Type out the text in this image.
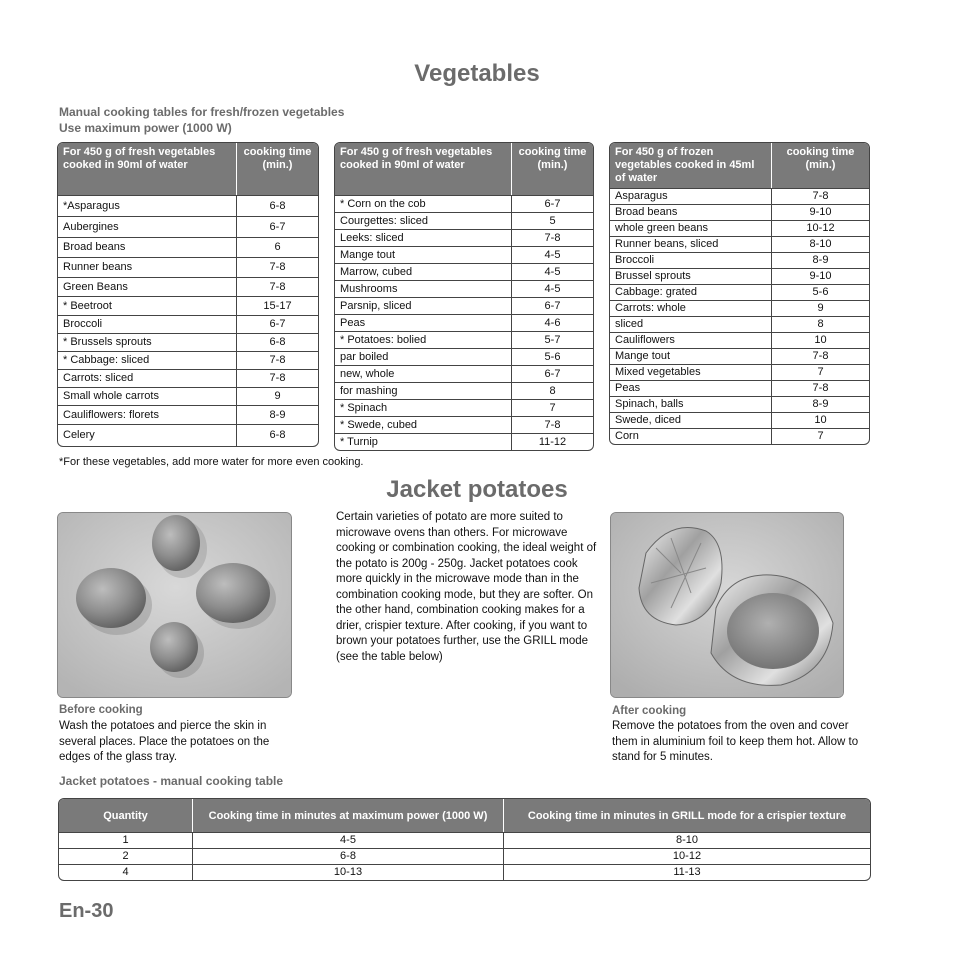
Vegetables
Manual cooking tables for fresh/frozen vegetables
Use maximum power (1000 W)
For 450 g of fresh vegetables cooked in 90ml of water	cooking time (min.)
*Asparagus	6-8
Aubergines	6-7
Broad beans	6
Runner beans	7-8
Green Beans	7-8
* Beetroot	15-17
Broccoli	6-7
* Brussels sprouts	6-8
* Cabbage: sliced	7-8
Carrots: sliced	7-8
Small whole carrots	9
Cauliflowers: florets	8-9
Celery	6-8
For 450 g of fresh vegetables cooked in 90ml of water	cooking time (min.)
* Corn on the cob	6-7
Courgettes: sliced	5
Leeks: sliced	7-8
Mange tout	4-5
Marrow, cubed	4-5
Mushrooms	4-5
Parsnip, sliced	6-7
Peas	4-6
* Potatoes: bolied	5-7
par boiled	5-6
new, whole	6-7
for mashing	8
* Spinach	7
* Swede, cubed	7-8
* Turnip	11-12
For 450 g of frozen vegetables cooked in 45ml of water	cooking time (min.)
Asparagus	7-8
Broad beans	9-10
whole green beans	10-12
Runner beans, sliced	8-10
Broccoli	8-9
Brussel sprouts	9-10
Cabbage: grated	5-6
Carrots: whole	9
sliced	8
Cauliflowers	10
Mange tout	7-8
Mixed vegetables	7
Peas	7-8
Spinach, balls	8-9
Swede, diced	10
Corn	7
*For these vegetables, add more water for more even cooking.
Jacket potatoes
Certain varieties of potato are more suited to microwave ovens than others. For microwave cooking or combination cooking, the ideal weight of the potato is 200g - 250g. Jacket potatoes cook more quickly in the microwave mode than in the combination cooking mode, but they are softer. On the other hand, combination cooking makes for a drier, crispier texture. After cooking, if you want to brown your potatoes further, use the GRILL mode (see the table below)
Before cooking
Wash the potatoes and pierce the skin in several places. Place the potatoes on the edges of the glass tray.
After cooking
Remove the potatoes from the oven and cover them in aluminium foil to keep them hot. Allow to stand for 5 minutes.
Jacket potatoes - manual cooking table
Quantity	Cooking time in minutes at maximum power (1000 W)	Cooking time in minutes in GRILL mode for a crispier texture
1	4-5	8-10
2	6-8	10-12
4	10-13	11-13
En-30
